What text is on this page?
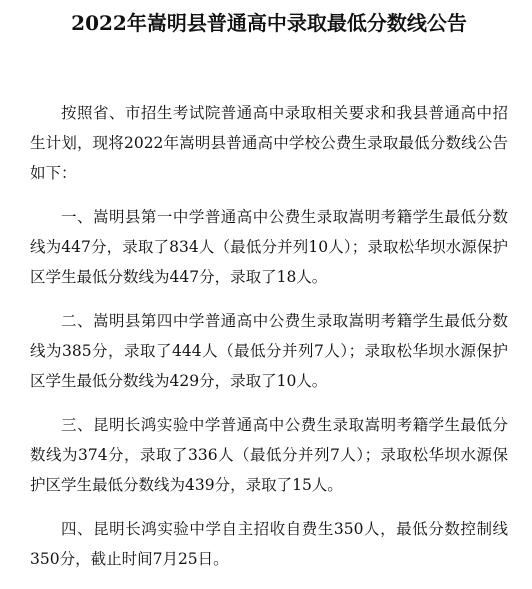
2022年嵩明县普通高中录取最低分数线公告

按照省、市招生考试院普通高中录取相关要求和我县普通高中招生计划，现将2022年嵩明县普通高中学校公费生录取最低分数线公告如下：

一、嵩明县第一中学普通高中公费生录取嵩明考籍学生最低分数线为447分，录取了834人（最低分并列10人）；录取松华坝水源保护区学生最低分数线为447分，录取了18人。

二、嵩明县第四中学普通高中公费生录取嵩明考籍学生最低分数线为385分，录取了444人（最低分并列7人）；录取松华坝水源保护区学生最低分数线为429分，录取了10人。

三、昆明长鸿实验中学普通高中公费生录取嵩明考籍学生最低分数线为374分，录取了336人（最低分并列7人）；录取松华坝水源保护区学生最低分数线为439分，录取了15人。

四、昆明长鸿实验中学自主招收自费生350人，最低分数控制线350分，截止时间7月25日。
